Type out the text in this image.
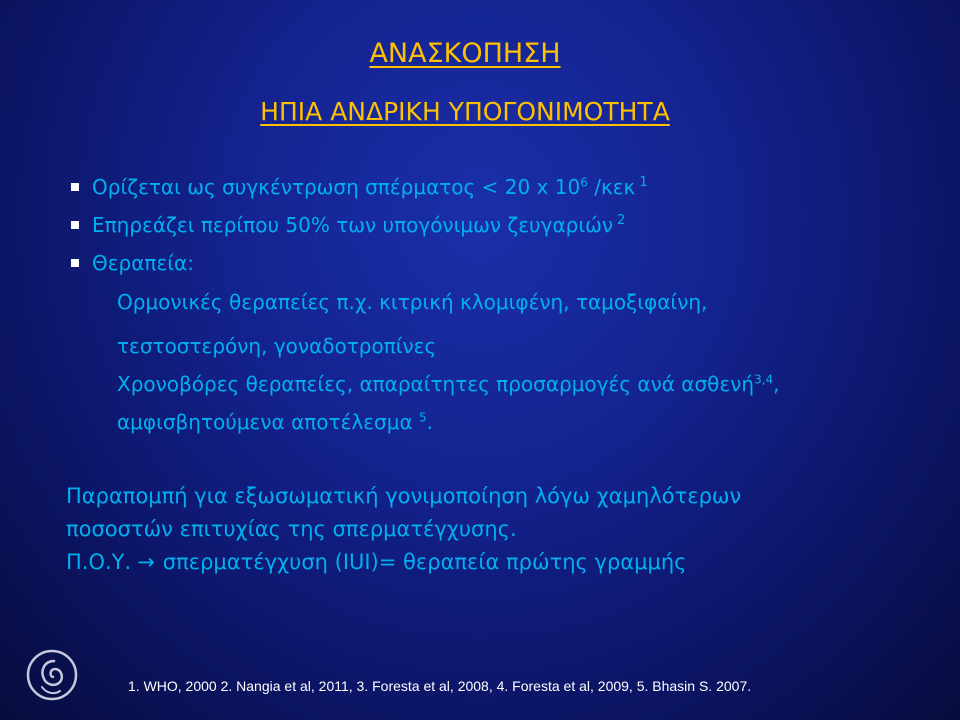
ΑΝΑΣΚΟΠΗΣΗ
ΗΠΙΑ ΑΝΔΡΙΚΗ ΥΠΟΓΟΝΙΜΟΤΗΤΑ
Ορίζεται ως συγκέντρωση σπέρματος < 20 x $10^6$ /κεκ $^1$
Επηρεάζει περίπου 50% των υπογόνιμων ζευγαριών $^2$
Θεραπεία:
Ορμονικές θεραπείες π.χ. κιτρική κλομιφένη, ταμοξιφαίνη,
τεστοστερόνη, γοναδοτροπίνες
Χρονοβόρες θεραπείες, απαραίτητες προσαρμογές ανά ασθενή$^{3,4}$,
αμφισβητούμενα αποτέλεσμα $^5$.
Παραπομπή για εξωσωματική γονιμοποίηση λόγω χαμηλότερων
ποσοστών επιτυχίας της σπερματέγχυσης.
Π.Ο.Υ. → σπερματέγχυση (IUI)= θεραπεία πρώτης γραμμής
1. WHO, 2000 2. Nangia et al, 2011, 3. Foresta et al, 2008, 4. Foresta et al, 2009, 5. Bhasin S. 2007.
